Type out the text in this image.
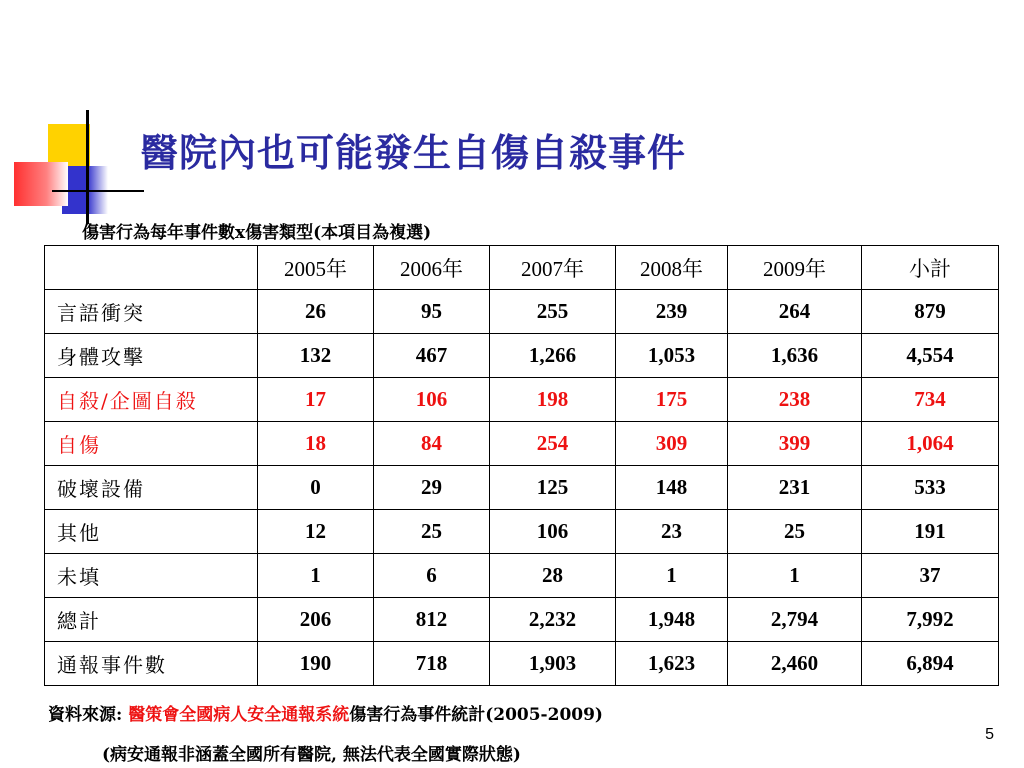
醫院內也可能發生自傷自殺事件
傷害行為每年事件數x傷害類型(本項目為複選)
	2005年	2006年	2007年	2008年	2009年	小計
言語衝突	26	95	255	239	264	879
身體攻擊	132	467	1,266	1,053	1,636	4,554
自殺/企圖自殺	17	106	198	175	238	734
自傷	18	84	254	309	399	1,064
破壞設備	0	29	125	148	231	533
其他	12	25	106	23	25	191
未填	1	6	28	1	1	37
總計	206	812	2,232	1,948	2,794	7,992
通報事件數	190	718	1,903	1,623	2,460	6,894
資料來源: 醫策會全國病人安全通報系統傷害行為事件統計(2005-2009)
(病安通報非涵蓋全國所有醫院, 無法代表全國實際狀態)
5
